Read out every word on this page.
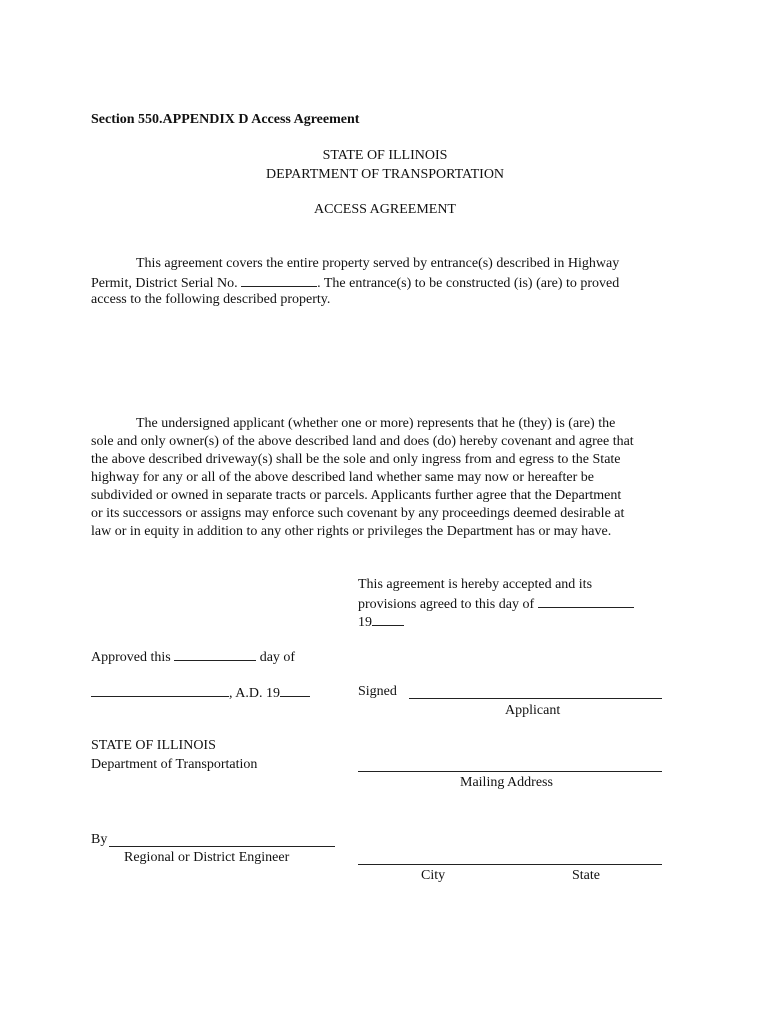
Section 550.APPENDIX D Access Agreement
STATE OF ILLINOIS
DEPARTMENT OF TRANSPORTATION
ACCESS AGREEMENT
This agreement covers the entire property served by entrance(s) described in Highway
Permit, District Serial No.	. The entrance(s) to be constructed (is) (are) to proved
access to the following described property.
The undersigned applicant (whether one or more) represents that he (they) is (are) the
sole and only owner(s) of the above described land and does (do) hereby covenant and agree that
the above described driveway(s) shall be the sole and only ingress from and egress to the State
highway for any or all of the above described land whether same may now or hereafter be
subdivided or owned in separate tracts or parcels. Applicants further agree that the Department
or its successors or assigns may enforce such covenant by any proceedings deemed desirable at
law or in equity in addition to any other rights or privileges the Department has or may have.
This agreement is hereby accepted and its
provisions agreed to this day of
19
Approved this	day of
, A.D. 19
STATE OF ILLINOIS
Department of Transportation
By
Regional or District Engineer
Signed
Applicant
Mailing Address
City	State
